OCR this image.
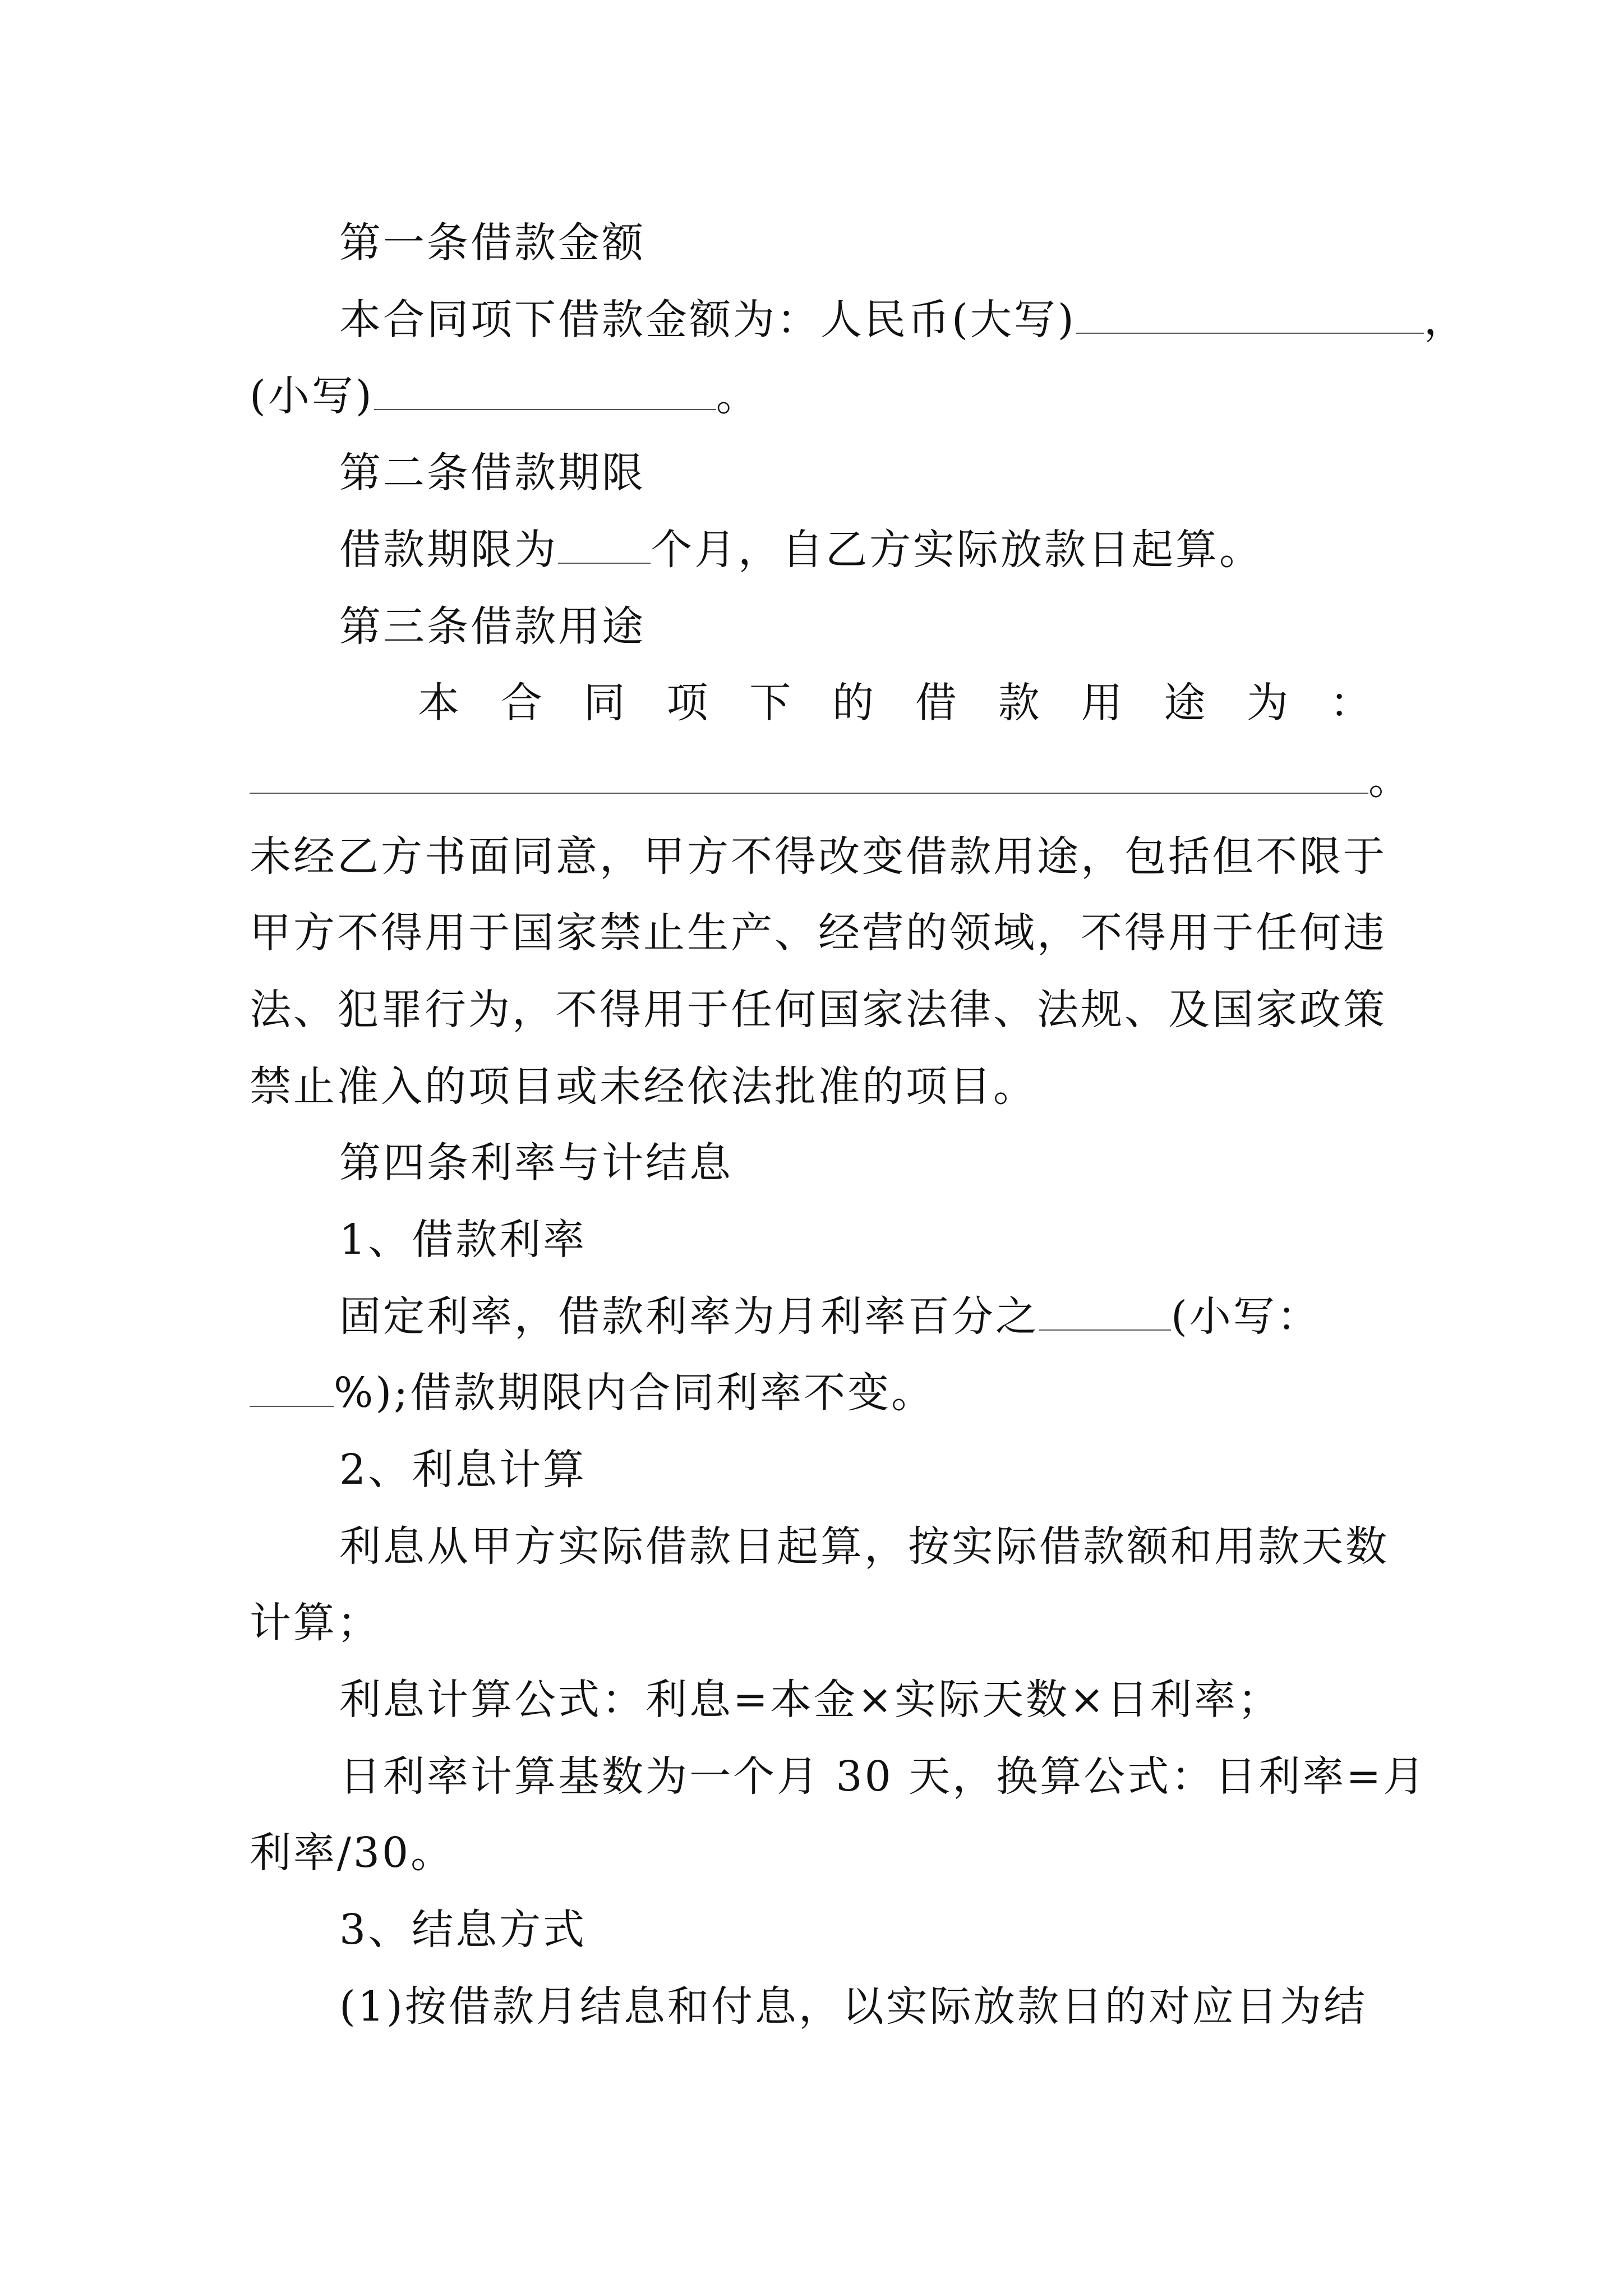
第一条借款金额

本合同项下借款金额为：人民币(大写)	，

(小写)	。

第二条借款期限

借款期限为 个月，自乙方实际放款日起算。

第三条借款用途

本 合 同 项 下 的 借 款 用 途 为 ：

。

未经乙方书面同意，甲方不得改变借款用途，包括但不限于

甲方不得用于国家禁止生产、经营的领域，不得用于任何违

法、犯罪行为，不得用于任何国家法律、法规、及国家政策

禁止准入的项目或未经依法批准的项目。

第四条利率与计结息

1、借款利率

固定利率，借款利率为月利率百分之	(小写：

%);借款期限内合同利率不变。

2、利息计算

利息从甲方实际借款日起算，按实际借款额和用款天数

计算；

利息计算公式：利息=本金×实际天数×日利率；

日利率计算基数为一个月 30 天，换算公式：日利率=月

利率/30。

3、结息方式

(1)按借款月结息和付息，以实际放款日的对应日为结
